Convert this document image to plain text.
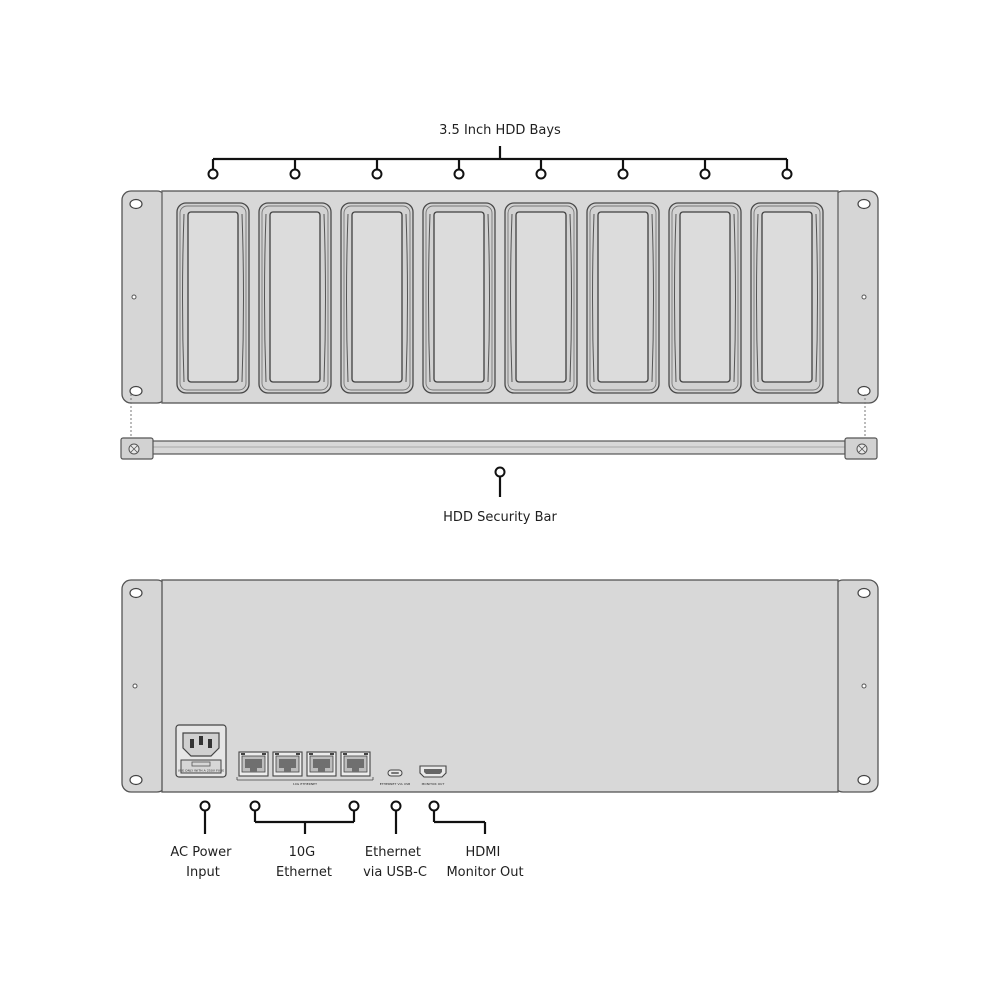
3.5 Inch HDD Bays
HDD Security Bar
USE ONLY WITH A 250V FUSE
10G ETHERNET	ETHERNET VIA USB	MONITOR OUT
AC Power Input
10G Ethernet
Ethernet via USB-C
HDMI Monitor Out
